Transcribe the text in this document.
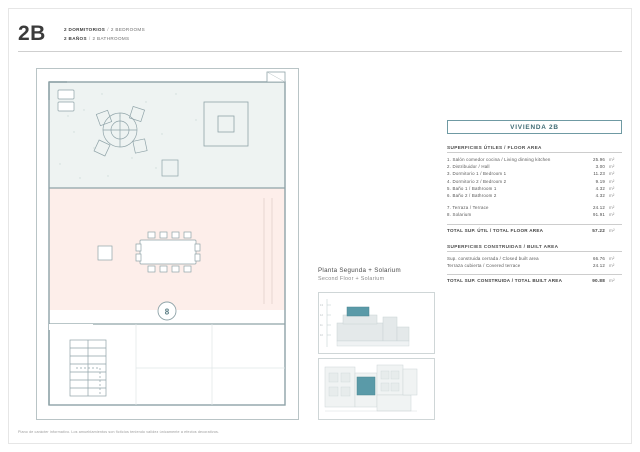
2B	2 DORMITORIOS / 2 BEDROOMS
2 BAÑOS / 2 BATHROOMS
8
Planta Segunda + Solarium
Second Floor + Solarium
13
12
11
10
VIVIENDA 2B
SUPERFICIES ÚTILES / FLOOR AREA
1. Salón comedor cocina / Living dinning kitchen	25.96	m²
2. Distribuidor / Hall	3.00	m²
3. Dormitorio 1 / Bedroom 1	11.23	m²
4. Dormitorio 2 / Bedroom 2	9.19	m²
5. Baño 1 / Bathroom 1	4.32	m²
6. Baño 2 / Bathroom 2	4.32	m²

7. Terraza / Terrace	24.12	m²
8. Solarium	91.91	m²
TOTAL SUP. ÚTIL / TOTAL FLOOR AREA	57.22 m²
SUPERFICIES CONSTRUIDAS / BUILT AREA
Sup. construida cerrada / Closed built area	66.76	m²
Terraza cubierta / Covered terrace	24.12	m²
TOTAL SUP. CONSTRUIDA / TOTAL BUILT AREA	90.88 m²
Plano de carácter informativo. Los amueblamientos son ficticios teniendo validez únicamente a efectos decorativos.
